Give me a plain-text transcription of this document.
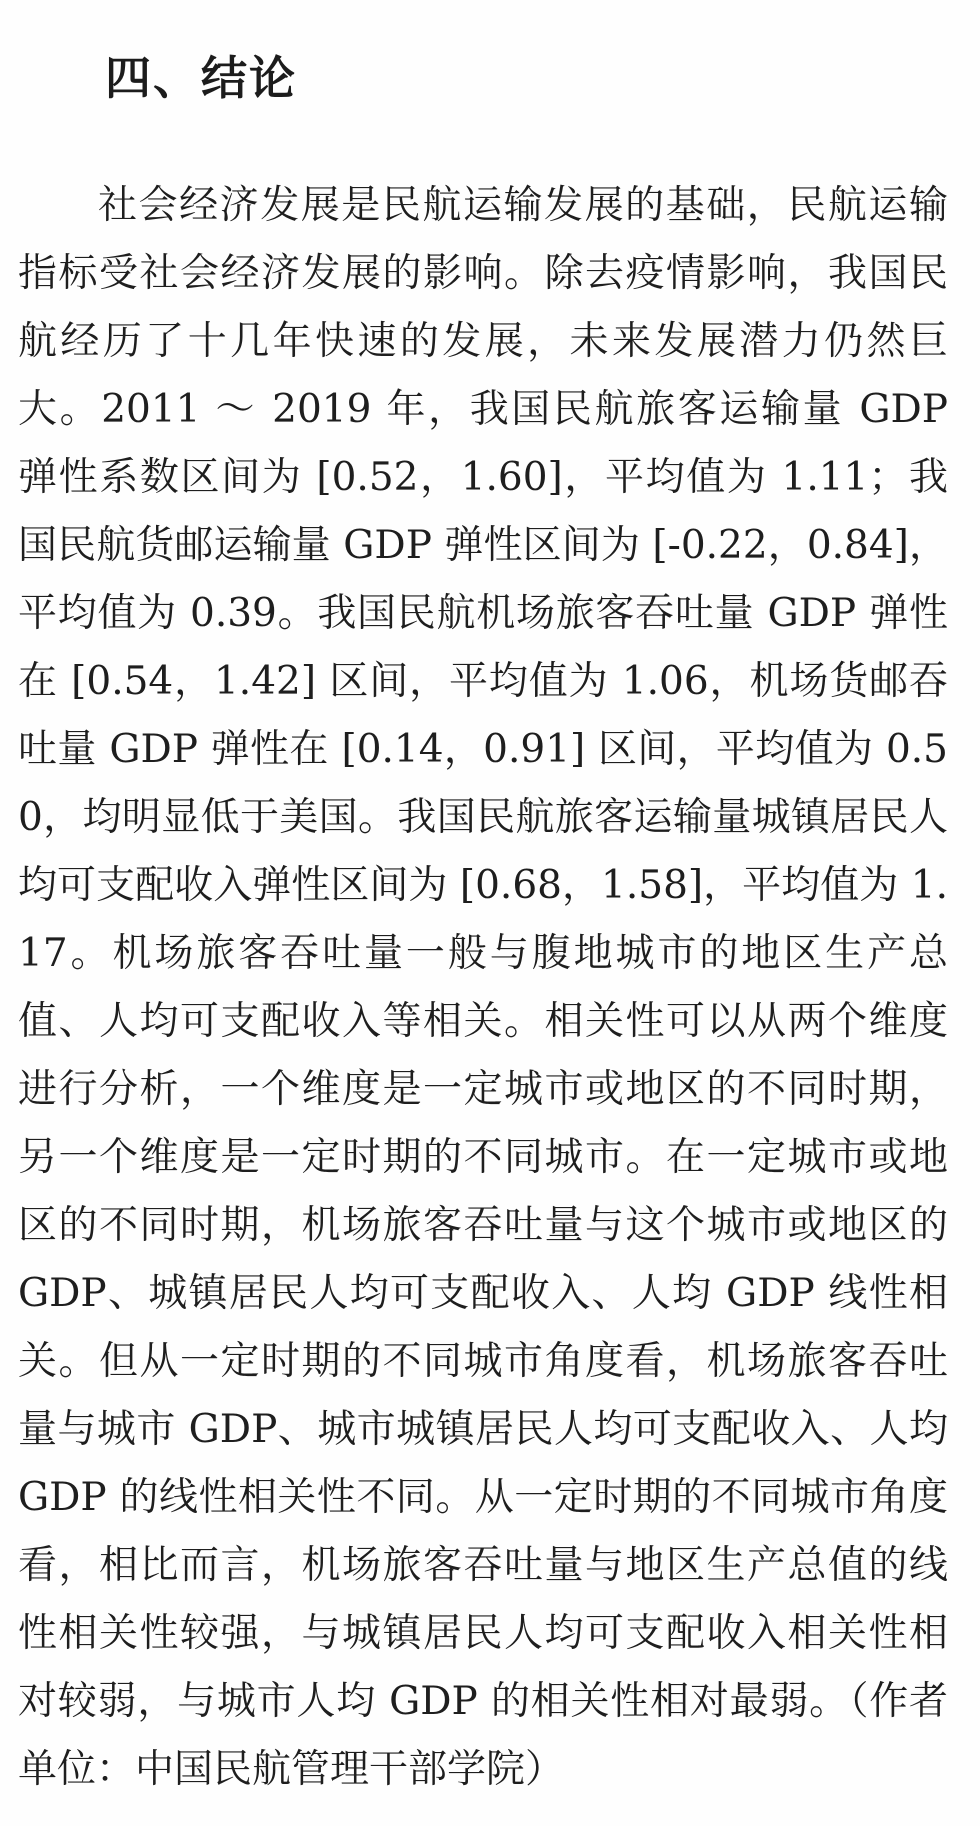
四、结论

社会经济发展是民航运输发展的基础，民航运输指标受社会经济发展的影响。除去疫情影响，我国民航经历了十几年快速的发展，未来发展潜力仍然巨大。2011 ～ 2019 年，我国民航旅客运输量 GDP 弹性系数区间为 [0.52，1.60]，平均值为 1.11；我国民航货邮运输量 GDP 弹性区间为 [-0.22，0.84]，平均值为 0.39。我国民航机场旅客吞吐量 GDP 弹性在 [0.54，1.42] 区间，平均值为 1.06，机场货邮吞吐量 GDP 弹性在 [0.14，0.91] 区间，平均值为 0.50，均明显低于美国。我国民航旅客运输量城镇居民人均可支配收入弹性区间为 [0.68，1.58]，平均值为 1.17。机场旅客吞吐量一般与腹地城市的地区生产总值、人均可支配收入等相关。相关性可以从两个维度进行分析，一个维度是一定城市或地区的不同时期，另一个维度是一定时期的不同城市。在一定城市或地区的不同时期，机场旅客吞吐量与这个城市或地区的 GDP、城镇居民人均可支配收入、人均 GDP 线性相关。但从一定时期的不同城市角度看，机场旅客吞吐量与城市 GDP、城市城镇居民人均可支配收入、人均 GDP 的线性相关性不同。从一定时期的不同城市角度看，相比而言，机场旅客吞吐量与地区生产总值的线性相关性较强，与城镇居民人均可支配收入相关性相对较弱，与城市人均 GDP 的相关性相对最弱。（作者单位：中国民航管理干部学院）
